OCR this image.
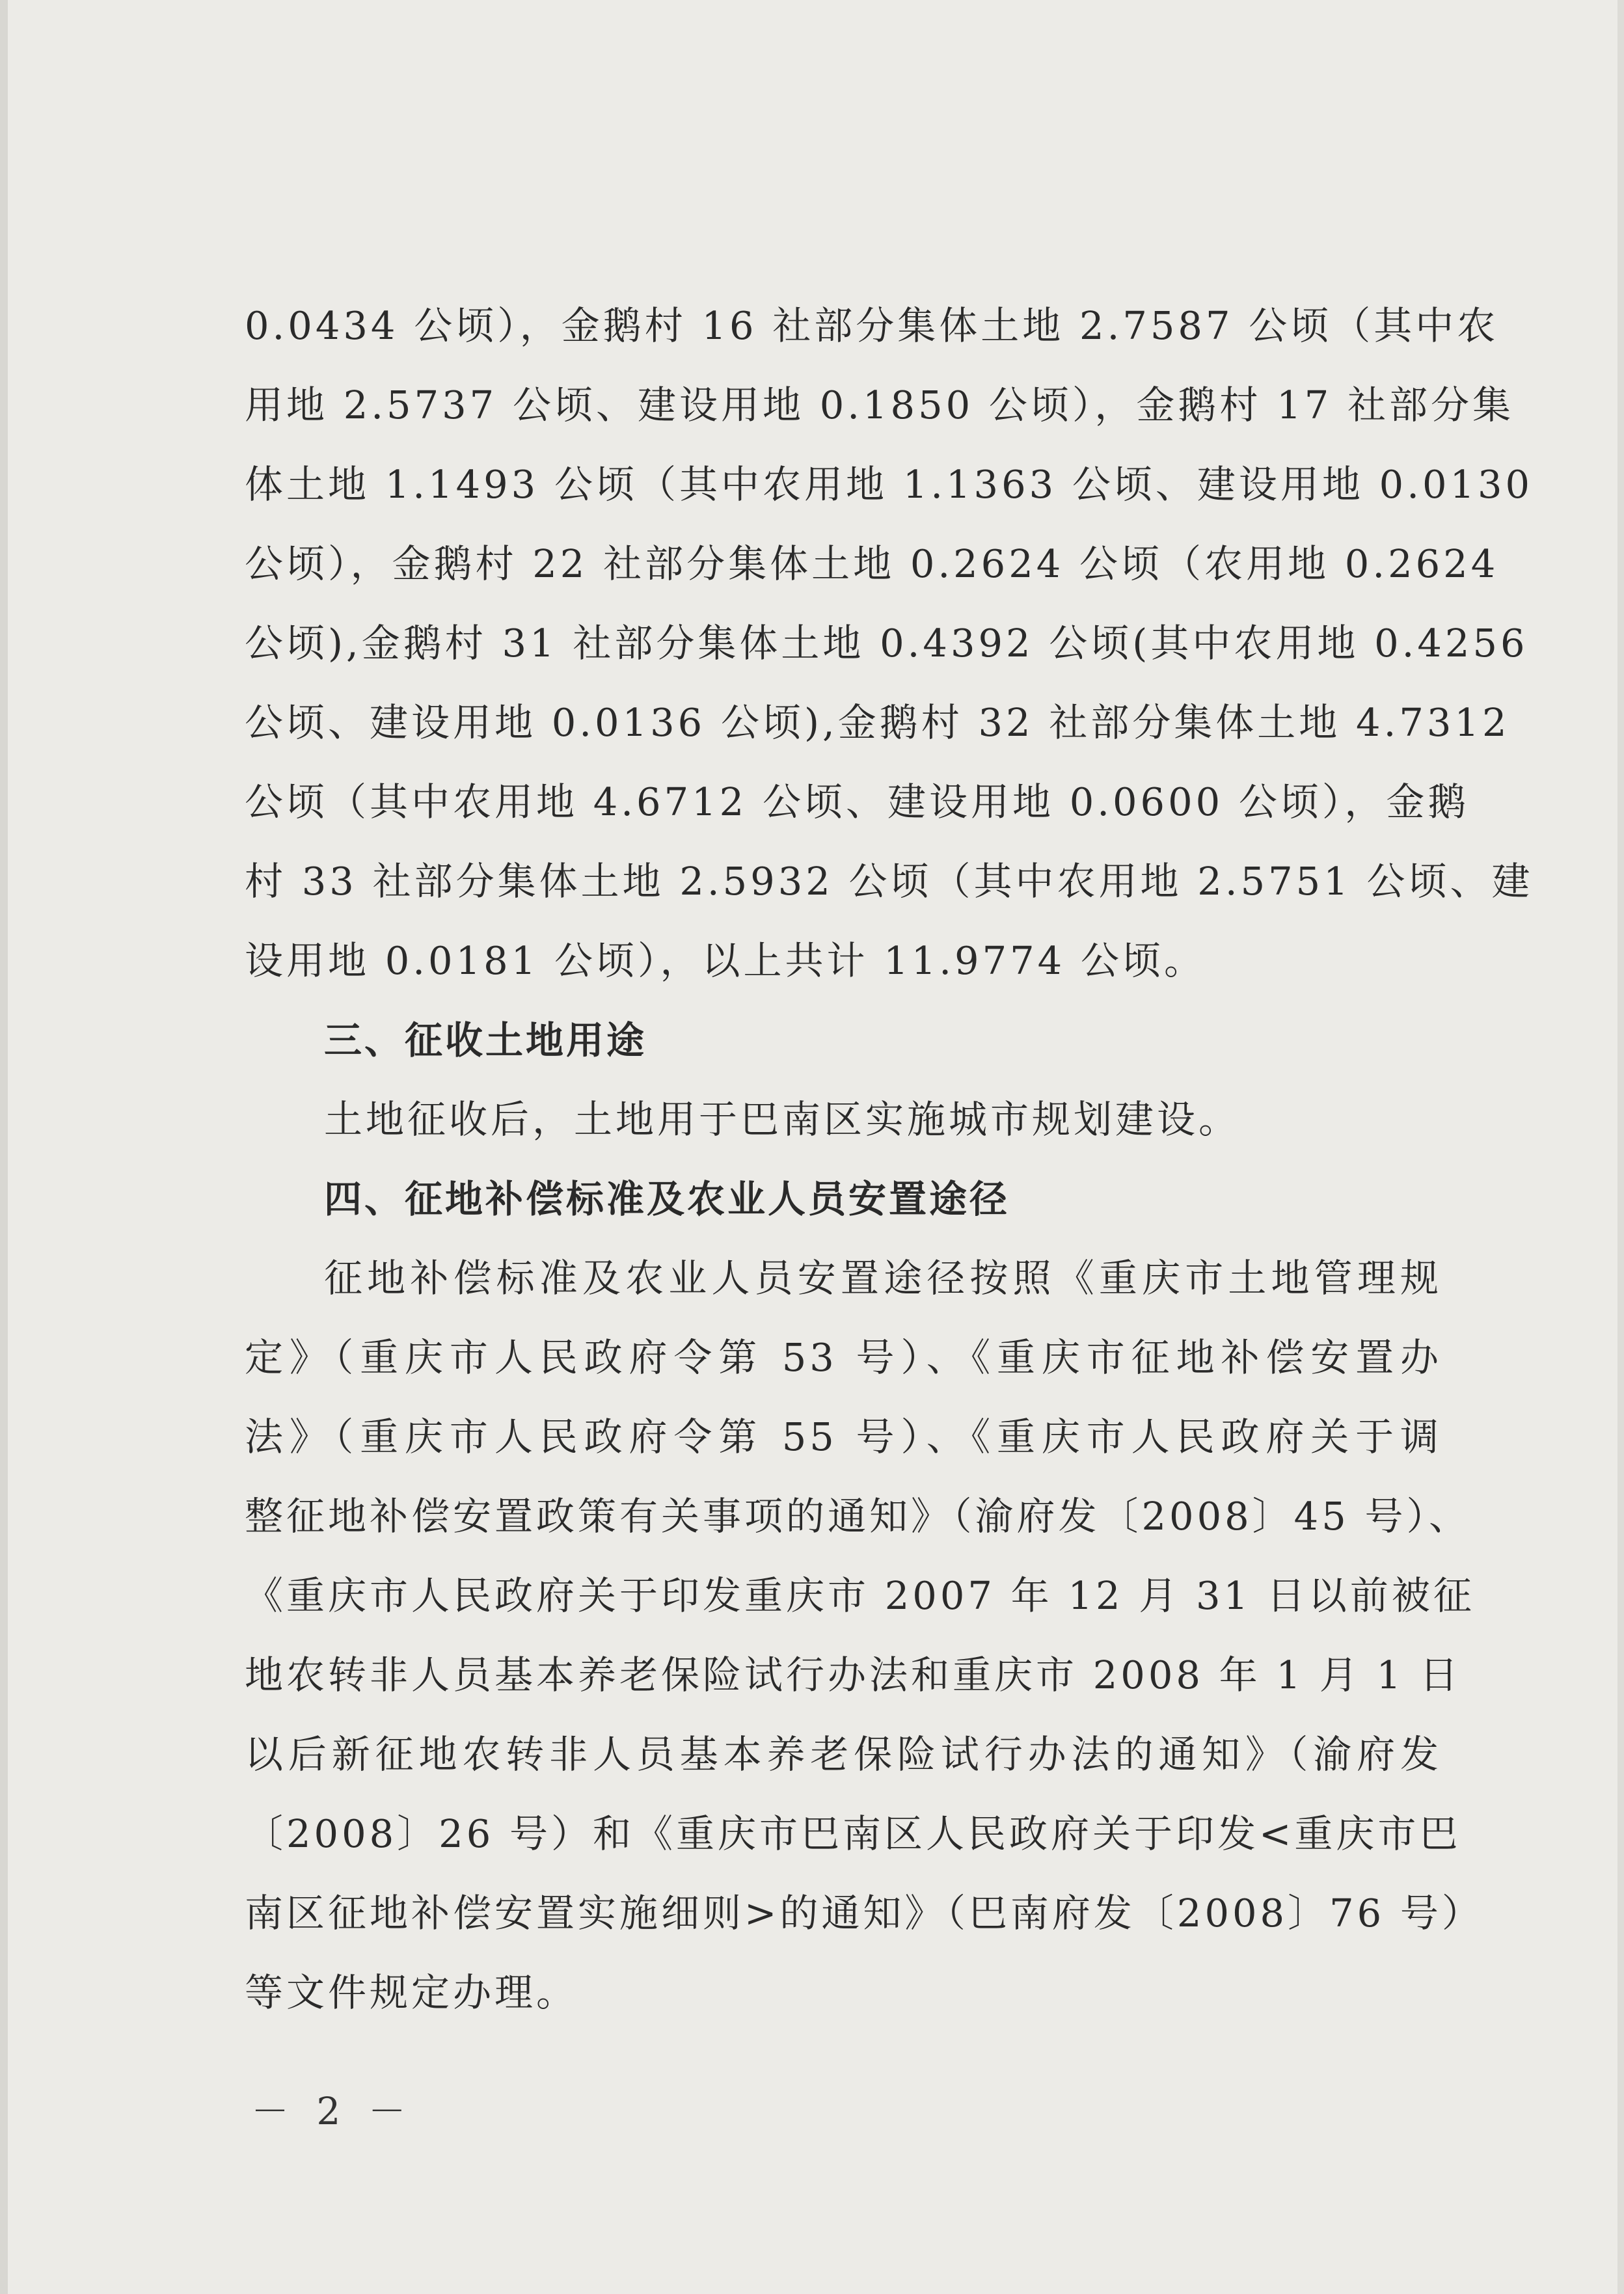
0.0434 公顷），金鹅村 16 社部分集体土地 2.7587 公顷（其中农
用地 2.5737 公顷、建设用地 0.1850 公顷），金鹅村 17 社部分集
体土地 1.1493 公顷（其中农用地 1.1363 公顷、建设用地 0.0130
公顷），金鹅村 22 社部分集体土地 0.2624 公顷（农用地 0.2624
公顷),金鹅村 31 社部分集体土地 0.4392 公顷(其中农用地 0.4256
公顷、建设用地 0.0136 公顷),金鹅村 32 社部分集体土地 4.7312
公顷（其中农用地 4.6712 公顷、建设用地 0.0600 公顷），金鹅
村 33 社部分集体土地 2.5932 公顷（其中农用地 2.5751 公顷、建
设用地 0.0181 公顷），以上共计 11.9774 公顷。
三、征收土地用途
土地征收后，土地用于巴南区实施城市规划建设。
四、征地补偿标准及农业人员安置途径
征地补偿标准及农业人员安置途径按照《重庆市土地管理规
定》（重庆市人民政府令第 53 号）、《重庆市征地补偿安置办
法》（重庆市人民政府令第 55 号）、《重庆市人民政府关于调
整征地补偿安置政策有关事项的通知》（渝府发〔2008〕45 号）、
《重庆市人民政府关于印发重庆市 2007 年 12 月 31 日以前被征
地农转非人员基本养老保险试行办法和重庆市 2008 年 1 月 1 日
以后新征地农转非人员基本养老保险试行办法的通知》（渝府发
〔2008〕26 号）和《重庆市巴南区人民政府关于印发<重庆市巴
南区征地补偿安置实施细则>的通知》（巴南府发〔2008〕76 号）
等文件规定办理。
－ 2 －
